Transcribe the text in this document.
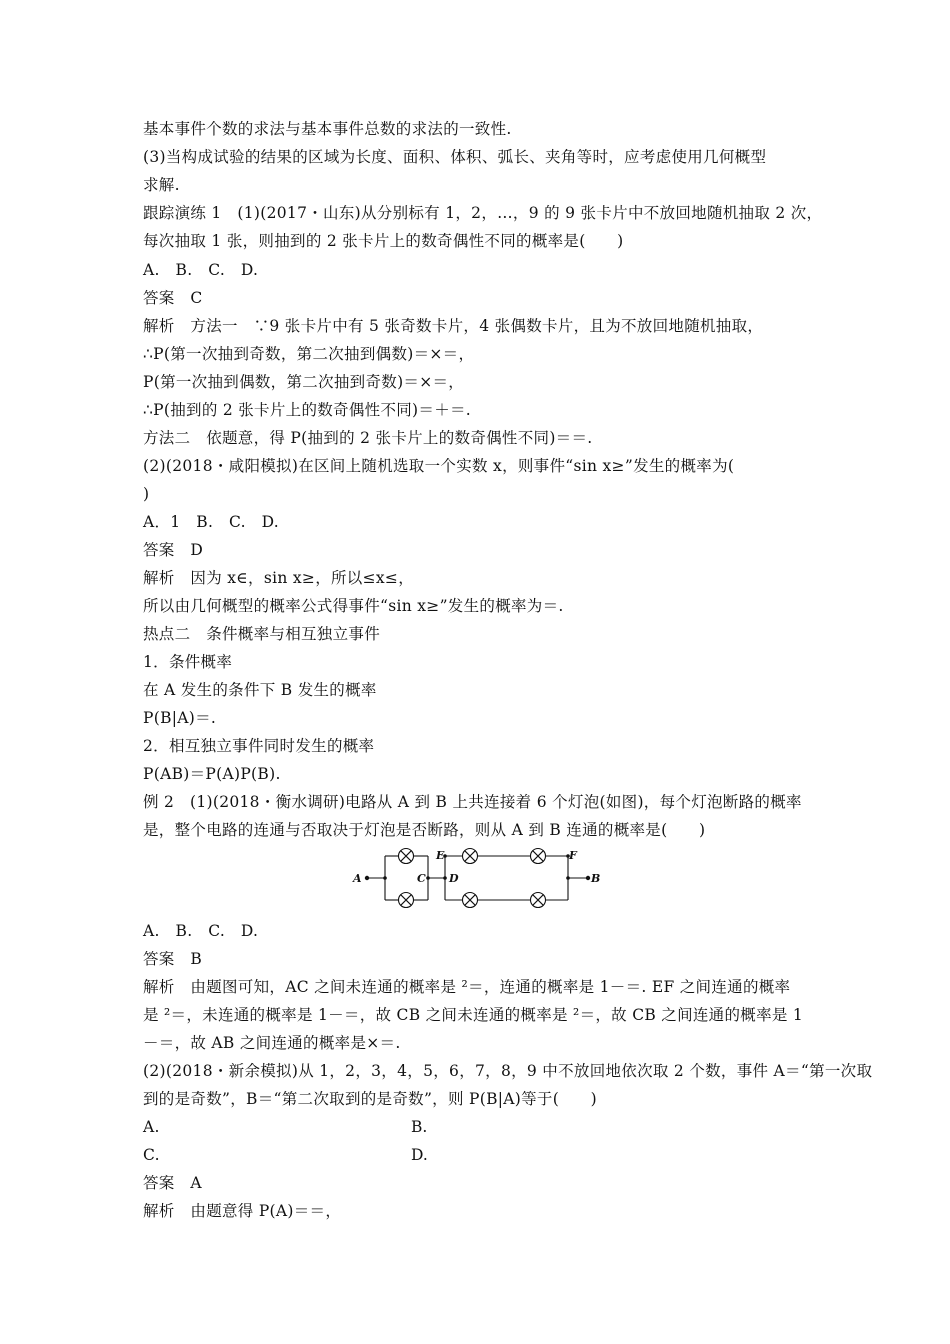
基本事件个数的求法与基本事件总数的求法的一致性.
(3)当构成试验的结果的区域为长度、面积、体积、弧长、夹角等时，应考虑使用几何概型
求解.
跟踪演练 1　(1)(2017・山东)从分别标有 1，2，…，9 的 9 张卡片中不放回地随机抽取 2 次，
每次抽取 1 张，则抽到的 2 张卡片上的数奇偶性不同的概率是(　　)
A.　B.　C.　D.
答案　C
解析　方法一　∵9 张卡片中有 5 张奇数卡片，4 张偶数卡片，且为不放回地随机抽取，
∴P(第一次抽到奇数，第二次抽到偶数)＝×＝，
P(第一次抽到偶数，第二次抽到奇数)＝×＝，
∴P(抽到的 2 张卡片上的数奇偶性不同)＝＋＝.
方法二　依题意，得 P(抽到的 2 张卡片上的数奇偶性不同)＝＝.
(2)(2018・咸阳模拟)在区间上随机选取一个实数 x，则事件“sin x≥”发生的概率为(
)
A．1　B.　C.　D.
答案　D
解析　因为 x∈，sin x≥，所以≤x≤，
所以由几何概型的概率公式得事件“sin x≥”发生的概率为＝.
热点二　条件概率与相互独立事件
1．条件概率
在 A 发生的条件下 B 发生的概率
P(B|A)＝.
2．相互独立事件同时发生的概率
P(AB)＝P(A)P(B).
例 2　(1)(2018・衡水调研)电路从 A 到 B 上共连接着 6 个灯泡(如图)，每个灯泡断路的概率
是，整个电路的连通与否取决于灯泡是否断路，则从 A 到 B 连通的概率是(　　)
A	C D
E	F
B
A.　B.　C.　D.
答案　B
解析　由题图可知，AC 之间未连通的概率是 ²＝，连通的概率是 1－＝. EF 之间连通的概率
是 ²＝，未连通的概率是 1－＝，故 CB 之间未连通的概率是 ²＝，故 CB 之间连通的概率是 1
－＝，故 AB 之间连通的概率是×＝.
(2)(2018・新余模拟)从 1，2，3，4，5，6，7，8，9 中不放回地依次取 2 个数，事件 A＝“第一次取
到的是奇数”，B＝“第二次取到的是奇数”，则 P(B|A)等于(　　)
A.	B.
C.	D.
答案　A
解析　由题意得 P(A)＝＝，
